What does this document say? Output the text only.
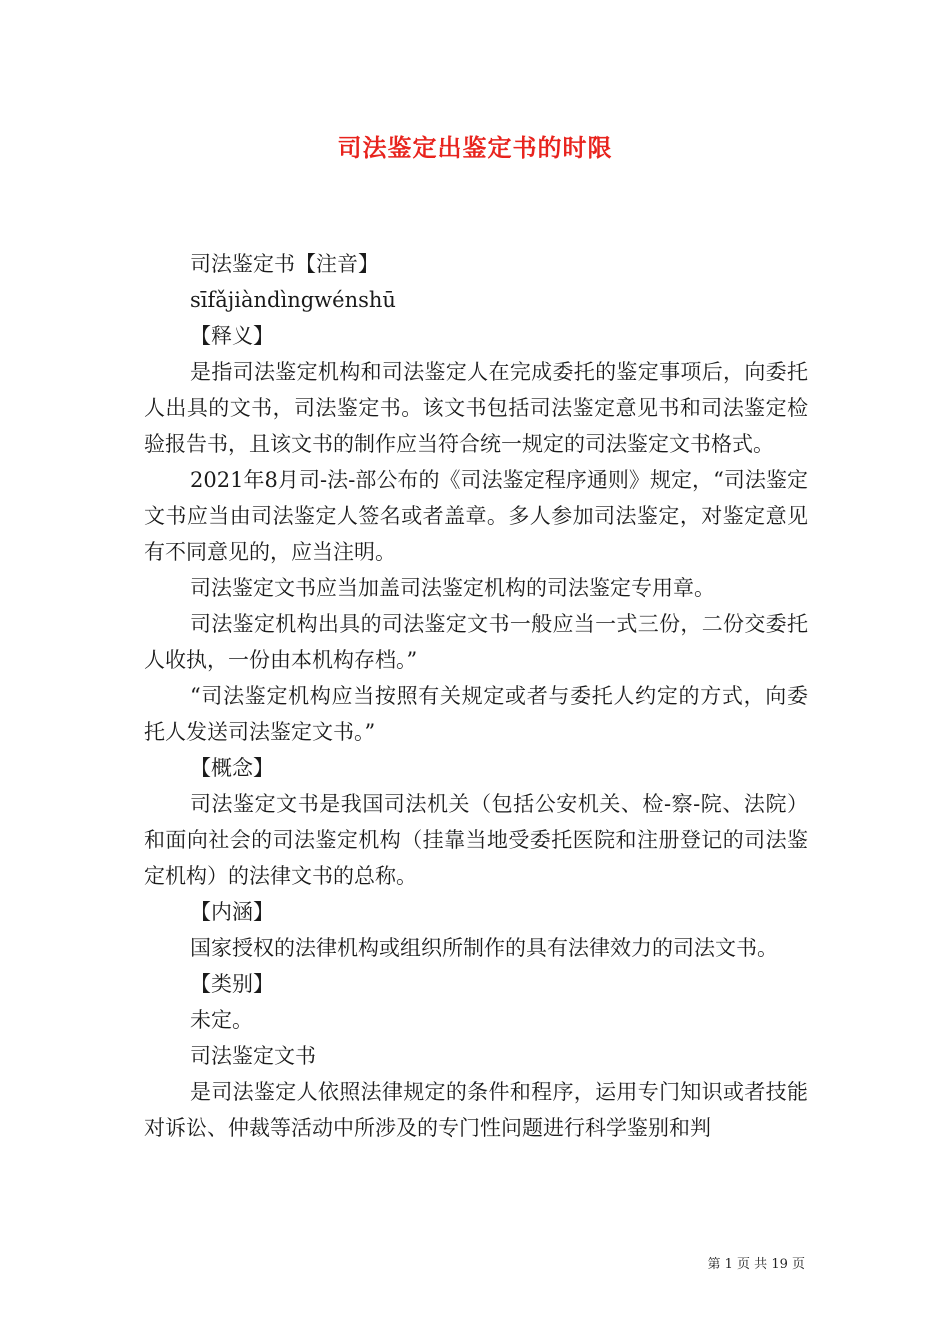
司法鉴定出鉴定书的时限

司法鉴定书【注音】

sīfǎjiàndìngwénshū

【释义】

是指司法鉴定机构和司法鉴定人在完成委托的鉴定事项后，向委托人出具的文书，司法鉴定书。该文书包括司法鉴定意见书和司法鉴定检验报告书，且该文书的制作应当符合统一规定的司法鉴定文书格式。

2021年8月司-法-部公布的《司法鉴定程序通则》规定，“司法鉴定文书应当由司法鉴定人签名或者盖章。多人参加司法鉴定，对鉴定意见有不同意见的，应当注明。

司法鉴定文书应当加盖司法鉴定机构的司法鉴定专用章。

司法鉴定机构出具的司法鉴定文书一般应当一式三份，二份交委托人收执，一份由本机构存档。”

“司法鉴定机构应当按照有关规定或者与委托人约定的方式，向委托人发送司法鉴定文书。”

【概念】

司法鉴定文书是我国司法机关（包括公安机关、检-察-院、法院）和面向社会的司法鉴定机构（挂靠当地受委托医院和注册登记的司法鉴定机构）的法律文书的总称。

【内涵】

国家授权的法律机构或组织所制作的具有法律效力的司法文书。

【类别】

未定。

司法鉴定文书

是司法鉴定人依照法律规定的条件和程序，运用专门知识或者技能对诉讼、仲裁等活动中所涉及的专门性问题进行科学鉴别和判

第 1 页 共 19 页
